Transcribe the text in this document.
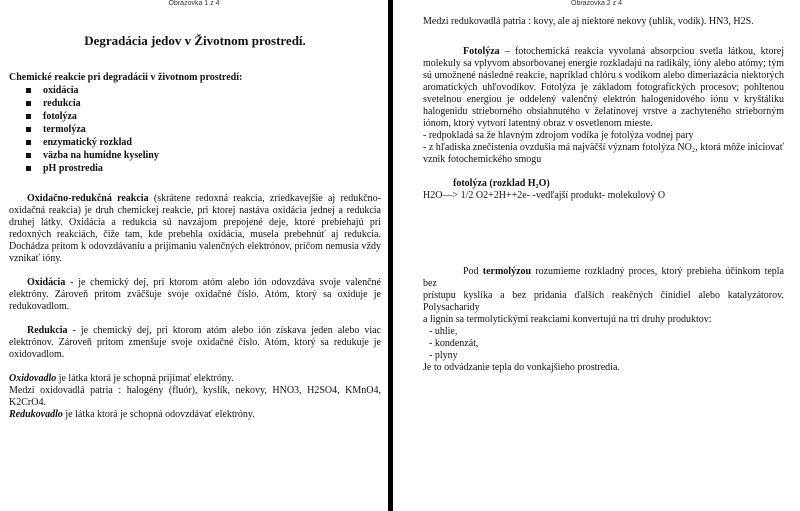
Obrazovka 1 z 4
Degradácia jedov v Životnom prostredí.

Chemické reakcie pri degradácii v životnom prostredí:

oxidácia
redukcia
fotolýza
termolýza
enzymatický rozklad
väzba na humídne kyseliny
pH prostredia

Oxidačno-redukčná reakcia (skrátene redoxná reakcia, zriedkavejšie aj redukčno-oxidačná reakcia) je druh chemickej reakcie, pri ktorej nastáva oxidácia jednej a redukcia druhej látky. Oxidácia a redukcia sú navzájom prepojené deje, ktoré prebiehajú pri redoxných reakciách, čiže tam, kde prebehla oxidácia, musela prebehnúť aj redukcia. Dochádza pritom k odovzdávaniu a prijímaniu valenčných elektrónov, pričom nemusia vždy vznikať ióny.

Oxidácia - je chemický dej, pri ktorom atóm alebo ión odovzdáva svoje valenčné elektróny. Zároveň pritom zväčšuje svoje oxidačné číslo. Atóm, ktorý sa oxiduje je redukovadlom.

Redukcia - je chemický dej, pri ktorom atóm alebo ión získava jeden alebo viac elektrónov. Zároveň pritom zmenšuje svoje oxidačné číslo. Atóm, ktorý sa redukuje je oxidovadlom.

Oxidovadlo je látka ktorá je schopná prijímať elektróny.

Medzi oxidovadlá patria : halogény (fluór), kyslík, nekovy, HNO3, H2SO4, KMnO4, K2CrO4.

Redukovadlo je látka ktorá je schopná odovzdávať elektróny.

Obrazovka 2 z 4

Medzi redukovadlá patria : kovy, ale aj niektoré nekovy (uhlík, vodík). HN3, H2S.

Fotolýza – fotochemická reakcia vyvolaná absorpciou svetla látkou, ktorej molekuly sa vplyvom absorbovanej energie rozkladajú na radikály, ióny alebo atómy; tým sú umožnené následné reakcie, napríklad chlóru s vodíkom alebo dimeriazácia niektorých aromatických uhľovodíkov. Fotolýza je základom fotografických procesov; pohltenou svetelnou energiou je oddelený valenčný elektrón halogenidového iónu v kryštáliku halogenidu strieborného obsiahnutého v želatínovej vrstve a zachyteného strieborným iónom, ktorý vytvorí latentný obraz v osvetlenom mieste.

- redpokladá sa že hlavným zdrojom vodíka je fotolýza vodnej pary

- z hľadiska znečistenia ovzdušia má najväčší význam fotolýza NO₂, ktorá môže iniciovať vznik fotochemického smogu

fotolýza (rozklad H₂O)

H2O—> 1/2 O2+2H++2e- -vedľajší produkt- molekulový O

Pod termolýzou rozumieme rozkladný proces, ktorý prebieha účinkom tepla bez

prístupu kyslíka a bez pridania ďalších reakčných činidiel alebo katalyzátorov. Polysacharidy

a lignín sa termolytickými reakciami konvertujú na tri druhy produktov:

- uhlie,

- kondenzát,

- plyny

Je to odvádzanie tepla do vonkajšieho prostredia.
